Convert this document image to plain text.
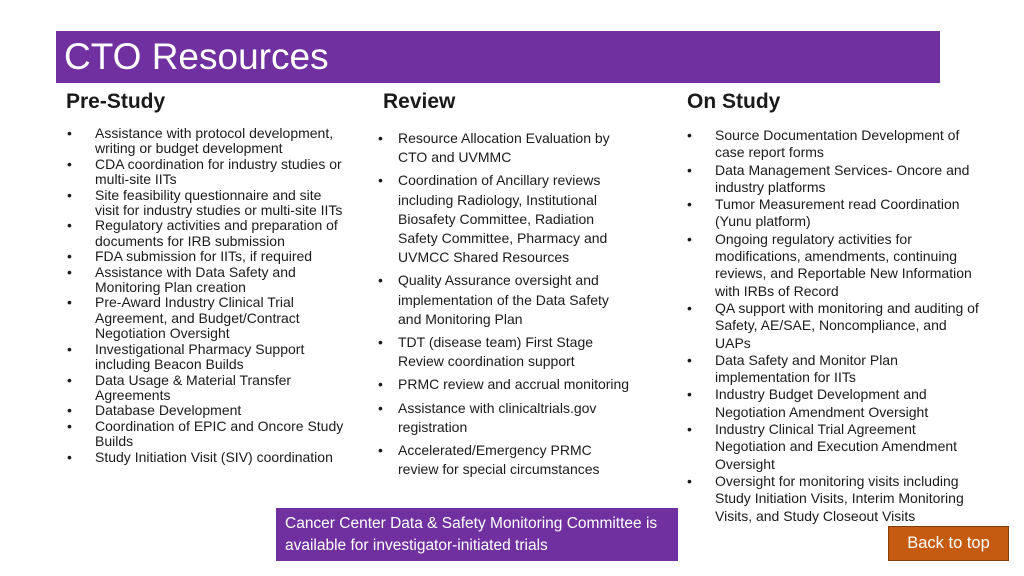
CTO Resources
Pre-Study	Review	On Study
• Assistance with protocol development, writing or budget development
• CDA coordination for industry studies or multi-site IITs
• Site feasibility questionnaire and site visit for industry studies or multi-site IITs
• Regulatory activities and preparation of documents for IRB submission
• FDA submission for IITs, if required
• Assistance with Data Safety and Monitoring Plan creation
• Pre-Award Industry Clinical Trial Agreement, and Budget/Contract Negotiation Oversight
• Investigational Pharmacy Support including Beacon Builds
• Data Usage & Material Transfer Agreements
• Database Development
• Coordination of EPIC and Oncore Study Builds
• Study Initiation Visit (SIV) coordination
• Resource Allocation Evaluation by CTO and UVMMC
• Coordination of Ancillary reviews including Radiology, Institutional Biosafety Committee, Radiation Safety Committee, Pharmacy and UVMCC Shared Resources
• Quality Assurance oversight and implementation of the Data Safety and Monitoring Plan
• TDT (disease team) First Stage Review coordination support
• PRMC review and accrual monitoring
• Assistance with clinicaltrials.gov registration
• Accelerated/Emergency PRMC review for special circumstances
• Source Documentation Development of case report forms
• Data Management Services- Oncore and industry platforms
• Tumor Measurement read Coordination (Yunu platform)
• Ongoing regulatory activities for modifications, amendments, continuing reviews, and Reportable New Information with IRBs of Record
• QA support with monitoring and auditing of Safety, AE/SAE, Noncompliance, and UAPs
• Data Safety and Monitor Plan implementation for IITs
• Industry Budget Development and Negotiation Amendment Oversight
• Industry Clinical Trial Agreement Negotiation and Execution Amendment Oversight
• Oversight for monitoring visits including Study Initiation Visits, Interim Monitoring Visits, and Study Closeout Visits
Cancer Center Data & Safety Monitoring Committee is available for investigator-initiated trials	Back to top
